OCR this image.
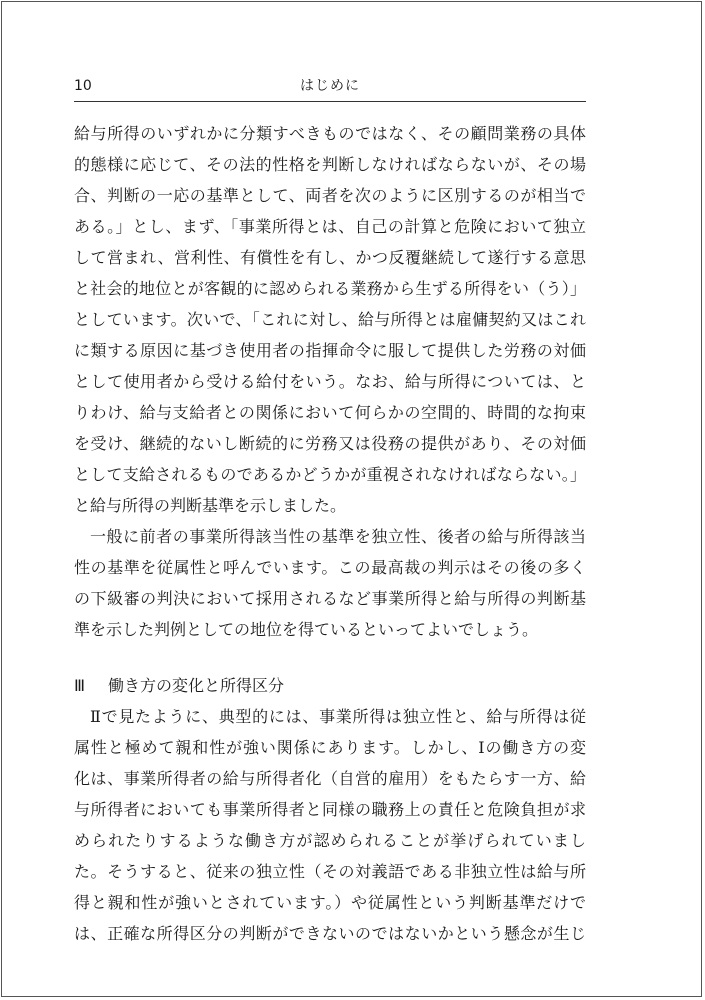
10	はじめに
給与所得のいずれかに分類すべきものではなく、その顧問業務の具体
的態様に応じて、その法的性格を判断しなければならないが、その場
合、判断の一応の基準として、両者を次のように区別するのが相当で
ある。」とし、まず、「事業所得とは、自己の計算と危険において独立
して営まれ、営利性、有償性を有し、かつ反覆継続して遂行する意思
と社会的地位とが客観的に認められる業務から生ずる所得をい（う）」
としています。次いで、「これに対し、給与所得とは雇傭契約又はこれ
に類する原因に基づき使用者の指揮命令に服して提供した労務の対価
として使用者から受ける給付をいう。なお、給与所得については、と
りわけ、給与支給者との関係において何らかの空間的、時間的な拘束
を受け、継続的ないし断続的に労務又は役務の提供があり、その対価
として支給されるものであるかどうかが重視されなければならない。」
と給与所得の判断基準を示しました。
一般に前者の事業所得該当性の基準を独立性、後者の給与所得該当
性の基準を従属性と呼んでいます。この最高裁の判示はその後の多く
の下級審の判決において採用されるなど事業所得と給与所得の判断基
準を示した判例としての地位を得ているといってよいでしょう。
Ⅲ 働き方の変化と所得区分
Ⅱで見たように、典型的には、事業所得は独立性と、給与所得は従
属性と極めて親和性が強い関係にあります。しかし、Ⅰの働き方の変
化は、事業所得者の給与所得者化（自営的雇用）をもたらす一方、給
与所得者においても事業所得者と同様の職務上の責任と危険負担が求
められたりするような働き方が認められることが挙げられていまし
た。そうすると、従来の独立性（その対義語である非独立性は給与所
得と親和性が強いとされています。）や従属性という判断基準だけで
は、正確な所得区分の判断ができないのではないかという懸念が生じ
